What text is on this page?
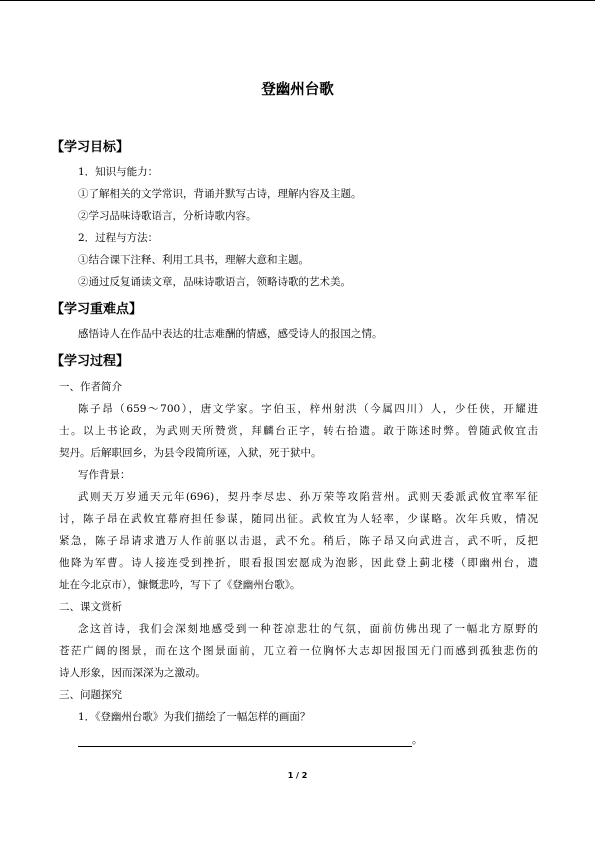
登幽州台歌
【学习目标】
1．知识与能力：
①了解相关的文学常识，背诵并默写古诗，理解内容及主题。
②学习品味诗歌语言，分析诗歌内容。
2．过程与方法：
①结合课下注释、利用工具书，理解大意和主题。
②通过反复诵读文章，品味诗歌语言，领略诗歌的艺术美。
【学习重难点】
感悟诗人在作品中表达的壮志难酬的情感，感受诗人的报国之情。
【学习过程】
一、作者简介
陈子昂（659～700），唐文学家。字伯玉，梓州射洪（今属四川）人，少任侠，开耀进
士。以上书论政，为武则天所赞赏，拜麟台正字，转右拾遗。敢于陈述时弊。曾随武攸宜击
契丹。后解职回乡，为县令段简所诬，入狱，死于狱中。
写作背景：
武则天万岁通天元年(696)，契丹李尽忠、孙万荣等攻陷营州。武则天委派武攸宜率军征
讨，陈子昂在武攸宜幕府担任参谋，随同出征。武攸宜为人轻率，少谋略。次年兵败，情况
紧急，陈子昂请求遣万人作前驱以击退，武不允。稍后，陈子昂又向武进言，武不听，反把
他降为军曹。诗人接连受到挫折，眼看报国宏愿成为泡影，因此登上蓟北楼（即幽州台，遗
址在今北京市），慷慨悲吟，写下了《登幽州台歌》。
二、课文赏析
念这首诗，我们会深刻地感受到一种苍凉悲壮的气氛，面前仿佛出现了一幅北方原野的
苍茫广阔的图景，而在这个图景面前，兀立着一位胸怀大志却因报国无门而感到孤独悲伤的
诗人形象，因而深深为之激动。
三、问题探究
1．《登幽州台歌》为我们描绘了一幅怎样的画面？
。
1 / 2
